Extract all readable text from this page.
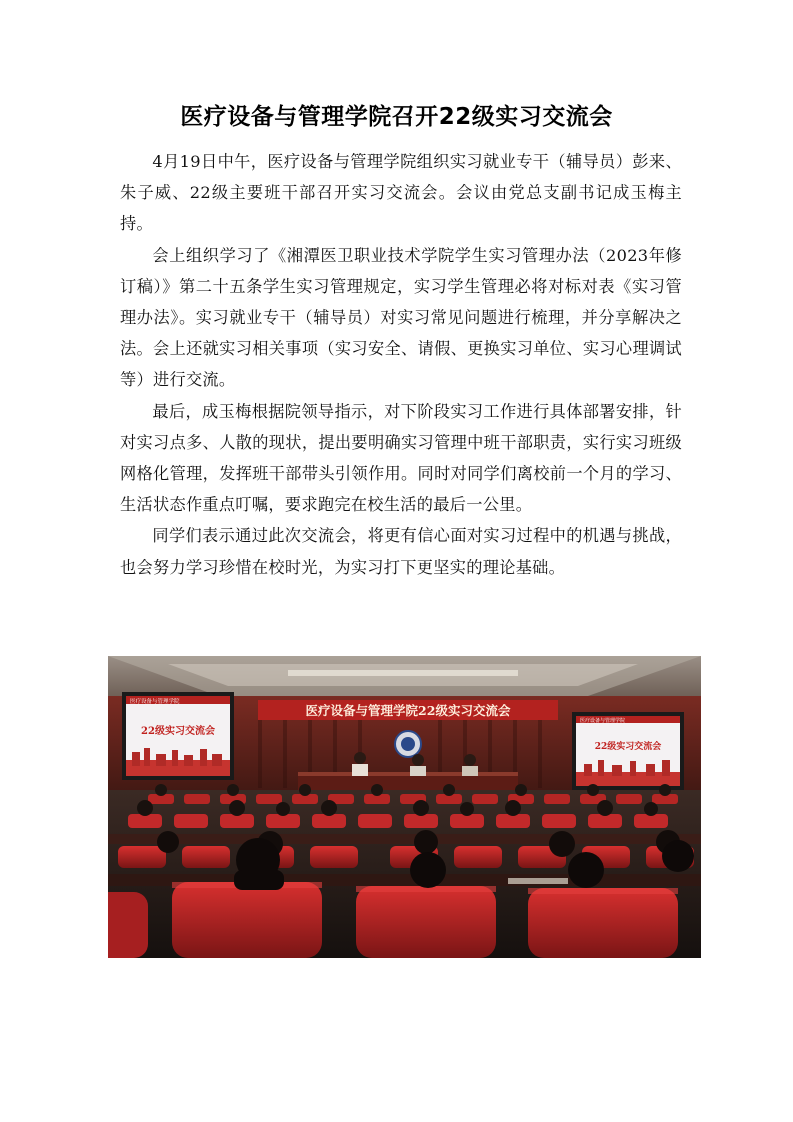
医疗设备与管理学院召开22级实习交流会

4月19日中午，医疗设备与管理学院组织实习就业专干（辅导员）彭来、朱子威、22级主要班干部召开实习交流会。会议由党总支副书记成玉梅主持。

会上组织学习了《湘潭医卫职业技术学院学生实习管理办法（2023年修订稿）》第二十五条学生实习管理规定，实习学生管理必将对标对表《实习管理办法》。实习就业专干（辅导员）对实习常见问题进行梳理，并分享解决之法。会上还就实习相关事项（实习安全、请假、更换实习单位、实习心理调试等）进行交流。

最后，成玉梅根据院领导指示，对下阶段实习工作进行具体部署安排，针对实习点多、人散的现状，提出要明确实习管理中班干部职责，实行实习班级网格化管理，发挥班干部带头引领作用。同时对同学们离校前一个月的学习、生活状态作重点叮嘱，要求跑完在校生活的最后一公里。

同学们表示通过此次交流会，将更有信心面对实习过程中的机遇与挑战，也会努力学习珍惜在校时光，为实习打下更坚实的理论基础。

医疗设备与管理学院22级实习交流会
医疗设备与管理学院
22级实习交流会
医疗设备与管理学院
22级实习交流会
